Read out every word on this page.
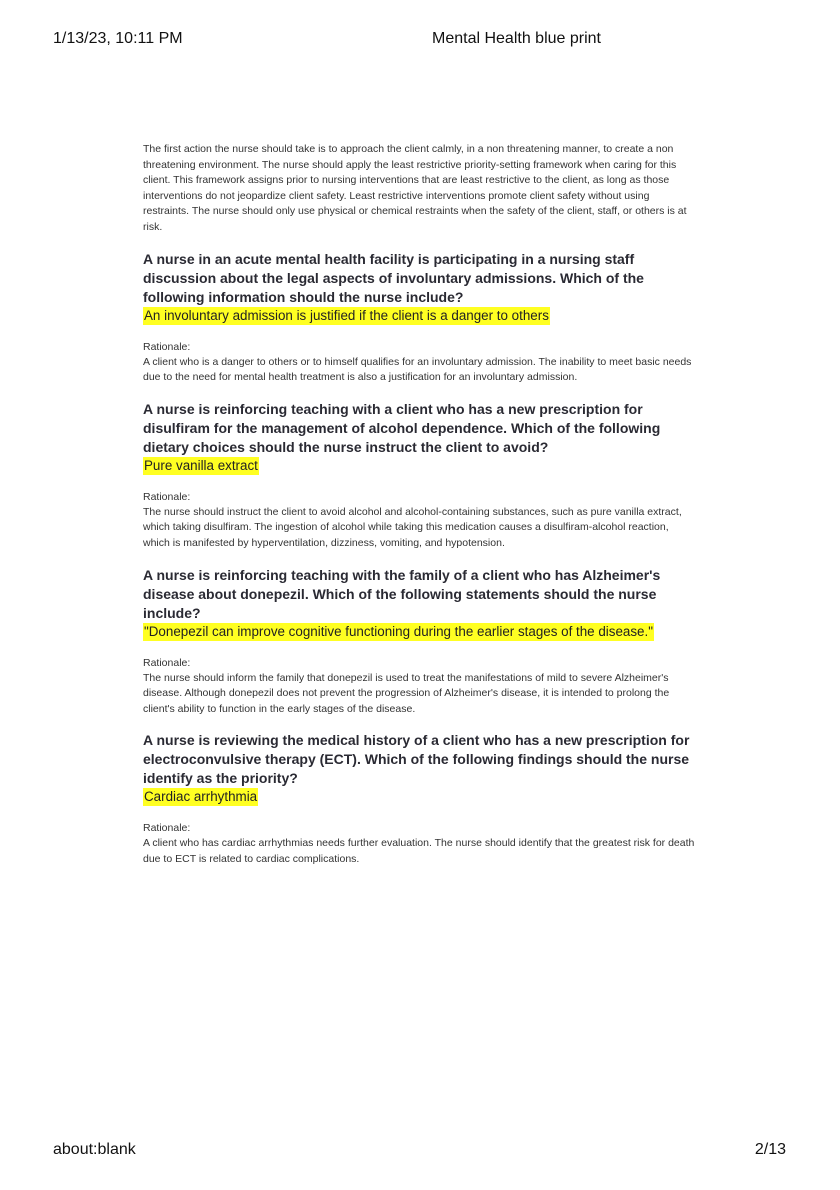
1/13/23, 10:11 PM	Mental Health blue print

The first action the nurse should take is to approach the client calmly, in a non threatening manner, to create a non threatening environment. The nurse should apply the least restrictive priority-setting framework when caring for this client. This framework assigns prior to nursing interventions that are least restrictive to the client, as long as those interventions do not jeopardize client safety. Least restrictive interventions promote client safety without using restraints. The nurse should only use physical or chemical restraints when the safety of the client, staff, or others is at risk.

A nurse in an acute mental health facility is participating in a nursing staff discussion about the legal aspects of involuntary admissions. Which of the following information should the nurse include?

An involuntary admission is justified if the client is a danger to others

Rationale:

A client who is a danger to others or to himself qualifies for an involuntary admission. The inability to meet basic needs due to the need for mental health treatment is also a justification for an involuntary admission.

A nurse is reinforcing teaching with a client who has a new prescription for disulfiram for the management of alcohol dependence. Which of the following dietary choices should the nurse instruct the client to avoid?

Pure vanilla extract

Rationale:

The nurse should instruct the client to avoid alcohol and alcohol-containing substances, such as pure vanilla extract, which taking disulfiram. The ingestion of alcohol while taking this medication causes a disulfiram-alcohol reaction, which is manifested by hyperventilation, dizziness, vomiting, and hypotension.

A nurse is reinforcing teaching with the family of a client who has Alzheimer's disease about donepezil. Which of the following statements should the nurse include?

"Donepezil can improve cognitive functioning during the earlier stages of the disease."

Rationale:

The nurse should inform the family that donepezil is used to treat the manifestations of mild to severe Alzheimer's disease. Although donepezil does not prevent the progression of Alzheimer's disease, it is intended to prolong the client's ability to function in the early stages of the disease.

A nurse is reviewing the medical history of a client who has a new prescription for electroconvulsive therapy (ECT). Which of the following findings should the nurse identify as the priority?

Cardiac arrhythmia

Rationale:

A client who has cardiac arrhythmias needs further evaluation. The nurse should identify that the greatest risk for death due to ECT is related to cardiac complications.

about:blank	2/13
